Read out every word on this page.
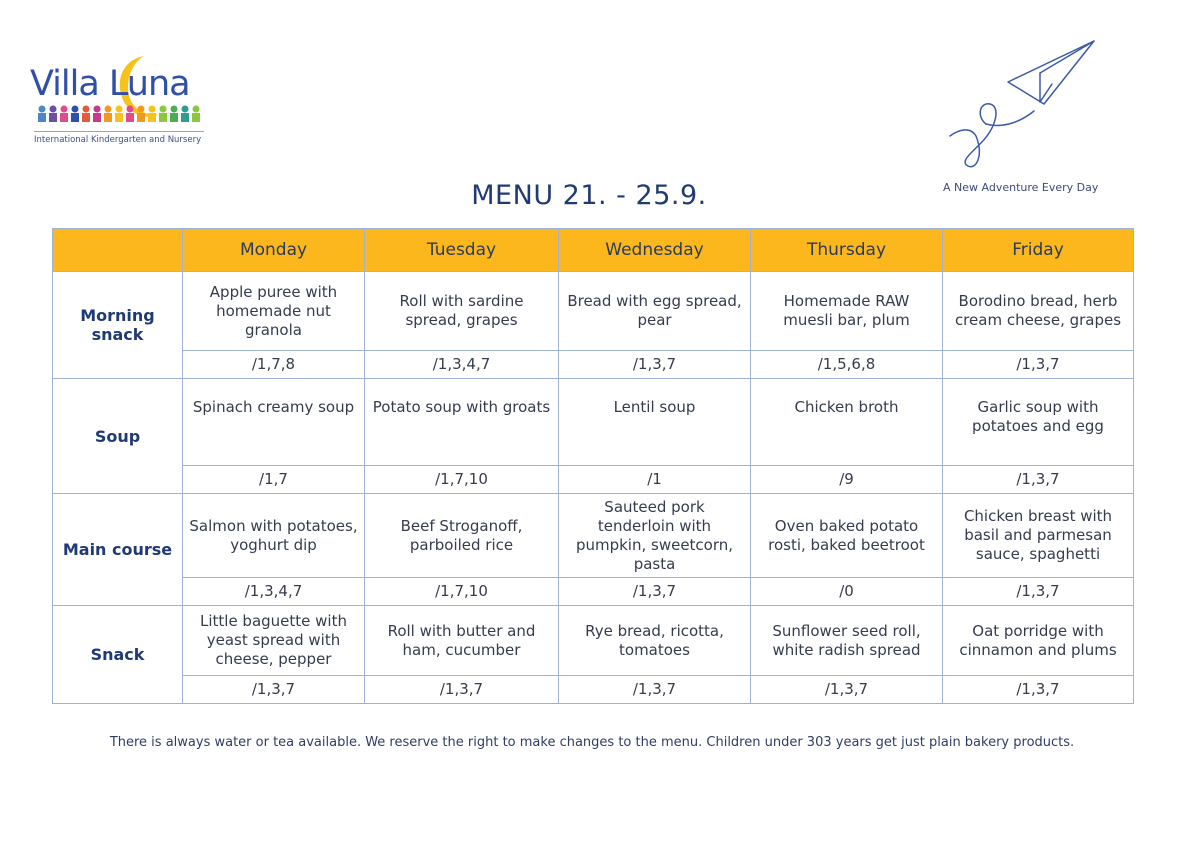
Villa Luna
International Kindergarten and Nursery
A New Adventure Every Day
MENU 21. - 25.9.
	Monday	Tuesday	Wednesday	Thursday	Friday
Morning snack	Apple puree with homemade nut granola	Roll with sardine spread, grapes	Bread with egg spread, pear	Homemade RAW muesli bar, plum	Borodino bread, herb cream cheese, grapes
	/1,7,8	/1,3,4,7	/1,3,7	/1,5,6,8	/1,3,7
Soup	Spinach creamy soup	Potato soup with groats	Lentil soup	Chicken broth	Garlic soup with potatoes and egg
	/1,7	/1,7,10	/1	/9	/1,3,7
Main course	Salmon with potatoes, yoghurt dip	Beef Stroganoff, parboiled rice	Sauteed pork tenderloin with pumpkin, sweetcorn, pasta	Oven baked potato rosti, baked beetroot	Chicken breast with basil and parmesan sauce, spaghetti
	/1,3,4,7	/1,7,10	/1,3,7	/0	/1,3,7
Snack	Little baguette with yeast spread with cheese, pepper	Roll with butter and ham, cucumber	Rye bread, ricotta, tomatoes	Sunflower seed roll, white radish spread	Oat porridge with cinnamon and plums
	/1,3,7	/1,3,7	/1,3,7	/1,3,7	/1,3,7
There is always water or tea available. We reserve the right to make changes to the menu. Children under 303 years get just plain bakery products.
